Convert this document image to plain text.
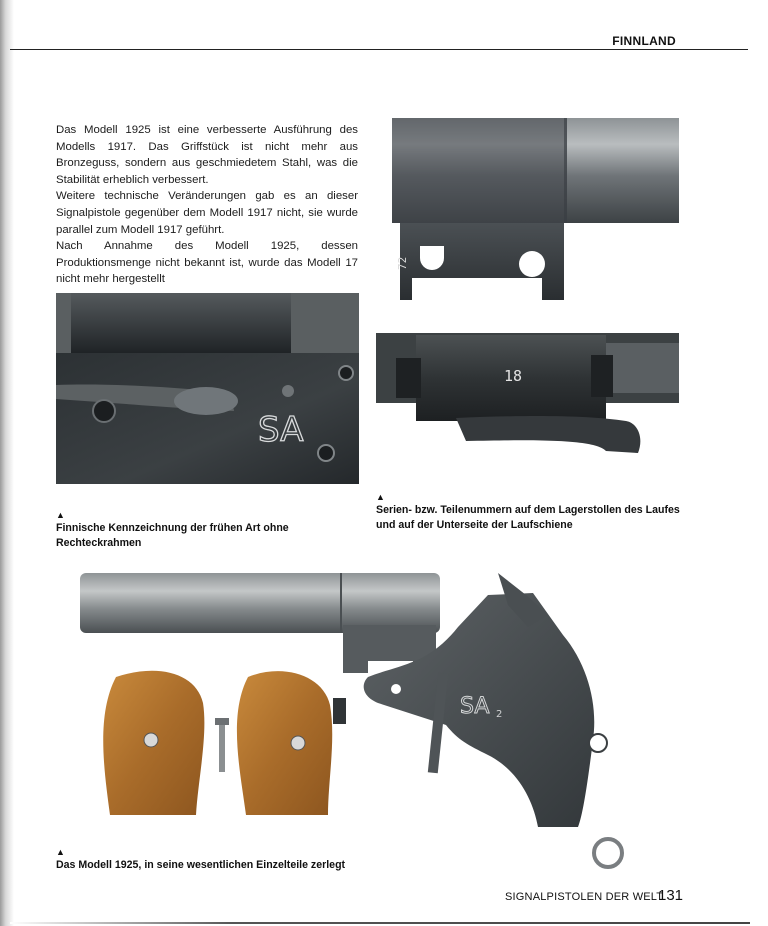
FINNLAND

Das Modell 1925 ist eine verbesserte Ausführung des Modells 1917. Das Griffstück ist nicht mehr aus Bronzeguss, sondern aus geschmiedetem Stahl, was die Stabilität erheblich verbessert.

Weitere technische Veränderungen gab es an dieser Signalpistole gegenüber dem Modell 1917 nicht, sie wurde parallel zum Modell 1917 geführt.

Nach Annahme des Modell 1925, dessen Produktionsmenge nicht bekannt ist, wurde das Modell 17 nicht mehr hergestellt

72
SA
18
▲
Finnische Kennzeichnung der frühen Art ohne Rechteckrahmen
▲
Serien- bzw. Teilenummern auf dem Lagerstollen des Laufes und auf der Unterseite der Laufschiene
SA 2
▲
Das Modell 1925, in seine wesentlichen Einzelteile zerlegt
SIGNALPISTOLEN DER WELT
131
